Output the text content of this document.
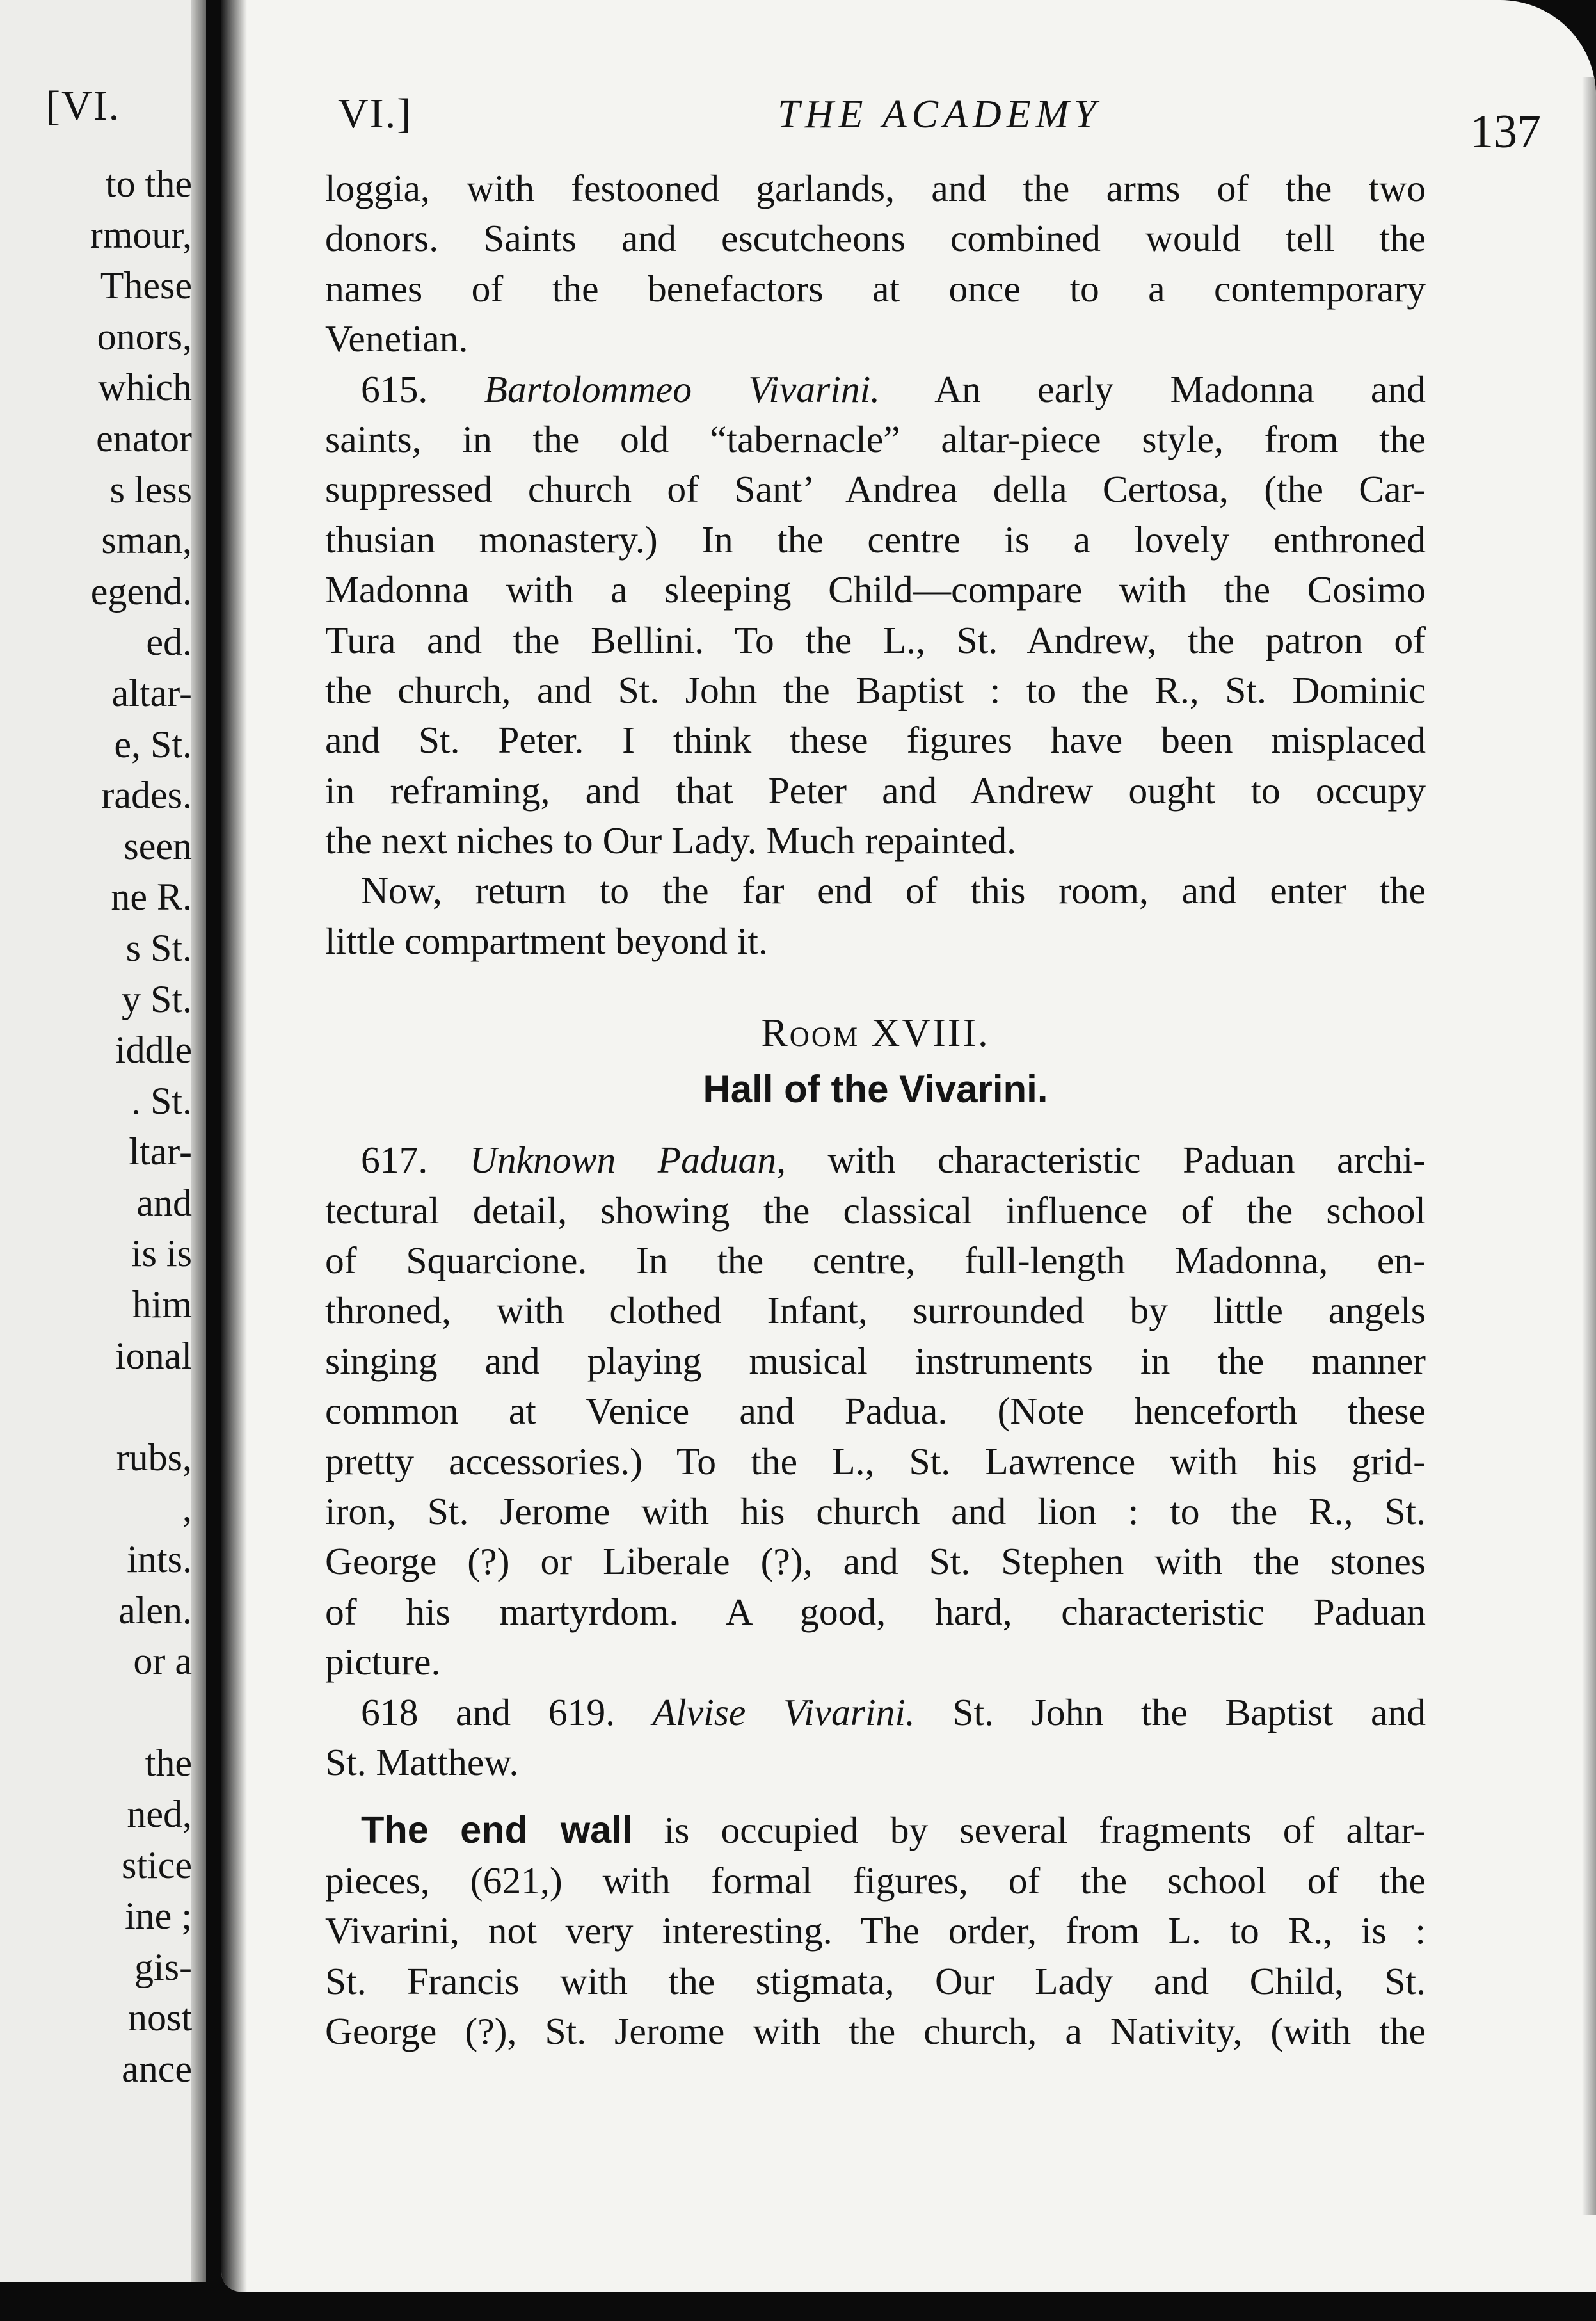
[VI.
to the
rmour,
These
onors,
which
enator
s less
sman,
egend.
ed.
altar-
e, St.
rades.
seen
ne R.
s St.
y St.
iddle
. St.
ltar-
and
is is
him
ional
rubs,
,
ints.
alen.
or a
the
ned,
stice
ine ;
gis-
nost
ance
VI.]	THE ACADEMY	137
loggia, with festooned garlands, and the arms of the two
donors. Saints and escutcheons combined would tell the
names of the benefactors at once to a contemporary
Venetian.
615. Bartolommeo Vivarini. An early Madonna and
saints, in the old “tabernacle” altar-piece style, from the
suppressed church of Sant’ Andrea della Certosa, (the Car-
thusian monastery.) In the centre is a lovely enthroned
Madonna with a sleeping Child—compare with the Cosimo
Tura and the Bellini. To the L., St. Andrew, the patron of
the church, and St. John the Baptist : to the R., St. Dominic
and St. Peter. I think these figures have been misplaced
in reframing, and that Peter and Andrew ought to occupy
the next niches to Our Lady. Much repainted.
Now, return to the far end of this room, and enter the
little compartment beyond it.
Room XVIII.
Hall of the Vivarini.
617. Unknown Paduan, with characteristic Paduan archi-
tectural detail, showing the classical influence of the school
of Squarcione. In the centre, full-length Madonna, en-
throned, with clothed Infant, surrounded by little angels
singing and playing musical instruments in the manner
common at Venice and Padua. (Note henceforth these
pretty accessories.) To the L., St. Lawrence with his grid-
iron, St. Jerome with his church and lion : to the R., St.
George (?) or Liberale (?), and St. Stephen with the stones
of his martyrdom. A good, hard, characteristic Paduan
picture.
618 and 619. Alvise Vivarini. St. John the Baptist and
St. Matthew.
The end wall is occupied by several fragments of altar-
pieces, (621,) with formal figures, of the school of the
Vivarini, not very interesting. The order, from L. to R., is :
St. Francis with the stigmata, Our Lady and Child, St.
George (?), St. Jerome with the church, a Nativity, (with the
